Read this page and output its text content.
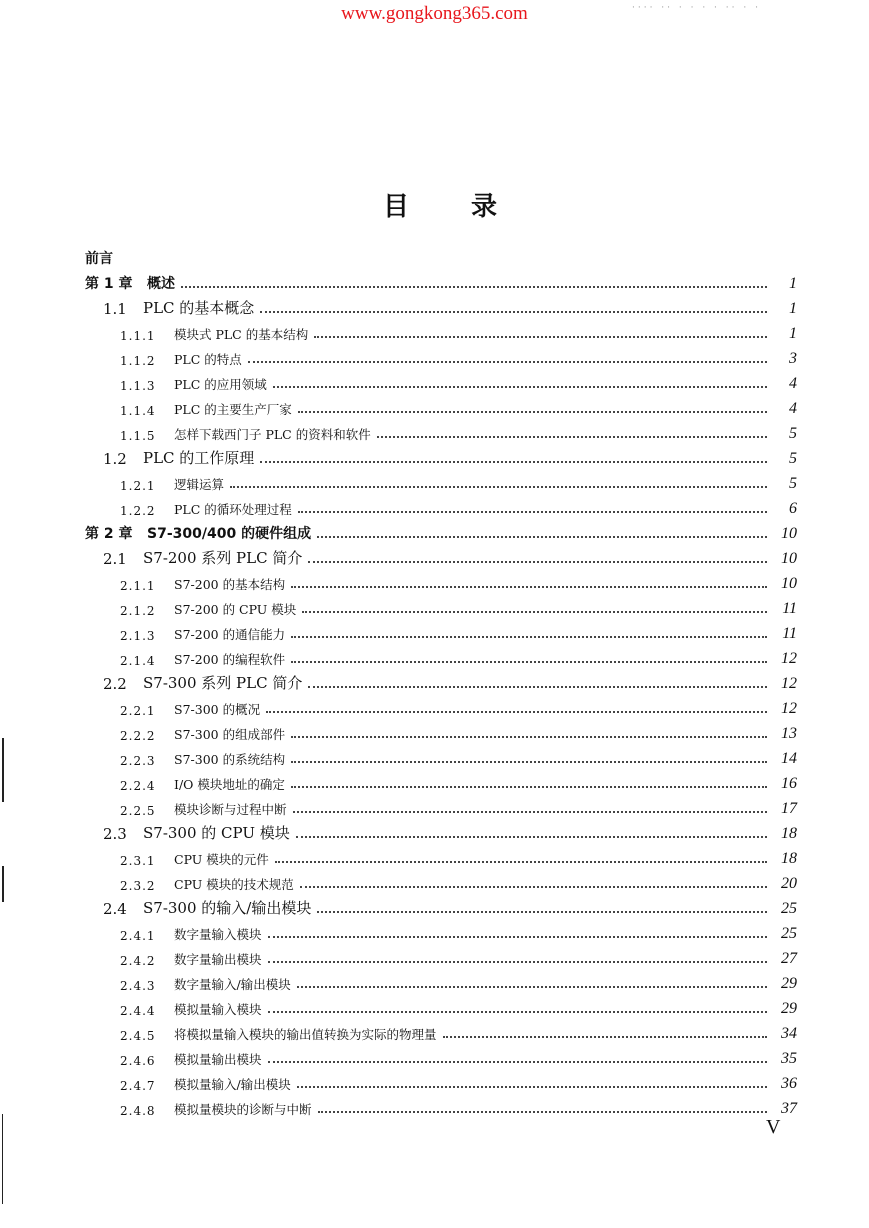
www.gongkong365.com	···· ·· · · · · ·· · ·
目 录
前言
第 1 章	概述	1
1.1	PLC 的基本概念	1
1.1.1	模块式 PLC 的基本结构	1
1.1.2	PLC 的特点	3
1.1.3	PLC 的应用领域	4
1.1.4	PLC 的主要生产厂家	4
1.1.5	怎样下载西门子 PLC 的资料和软件	5
1.2	PLC 的工作原理	5
1.2.1	逻辑运算	5
1.2.2	PLC 的循环处理过程	6
第 2 章	S7-300/400 的硬件组成	10
2.1	S7-200 系列 PLC 简介	10
2.1.1	S7-200 的基本结构	10
2.1.2	S7-200 的 CPU 模块	11
2.1.3	S7-200 的通信能力	11
2.1.4	S7-200 的编程软件	12
2.2	S7-300 系列 PLC 简介	12
2.2.1	S7-300 的概况	12
2.2.2	S7-300 的组成部件	13
2.2.3	S7-300 的系统结构	14
2.2.4	I/O 模块地址的确定	16
2.2.5	模块诊断与过程中断	17
2.3	S7-300 的 CPU 模块	18
2.3.1	CPU 模块的元件	18
2.3.2	CPU 模块的技术规范	20
2.4	S7-300 的输入/输出模块	25
2.4.1	数字量输入模块	25
2.4.2	数字量输出模块	27
2.4.3	数字量输入/输出模块	29
2.4.4	模拟量输入模块	29
2.4.5	将模拟量输入模块的输出值转换为实际的物理量	34
2.4.6	模拟量输出模块	35
2.4.7	模拟量输入/输出模块	36
2.4.8	模拟量模块的诊断与中断	37
V
